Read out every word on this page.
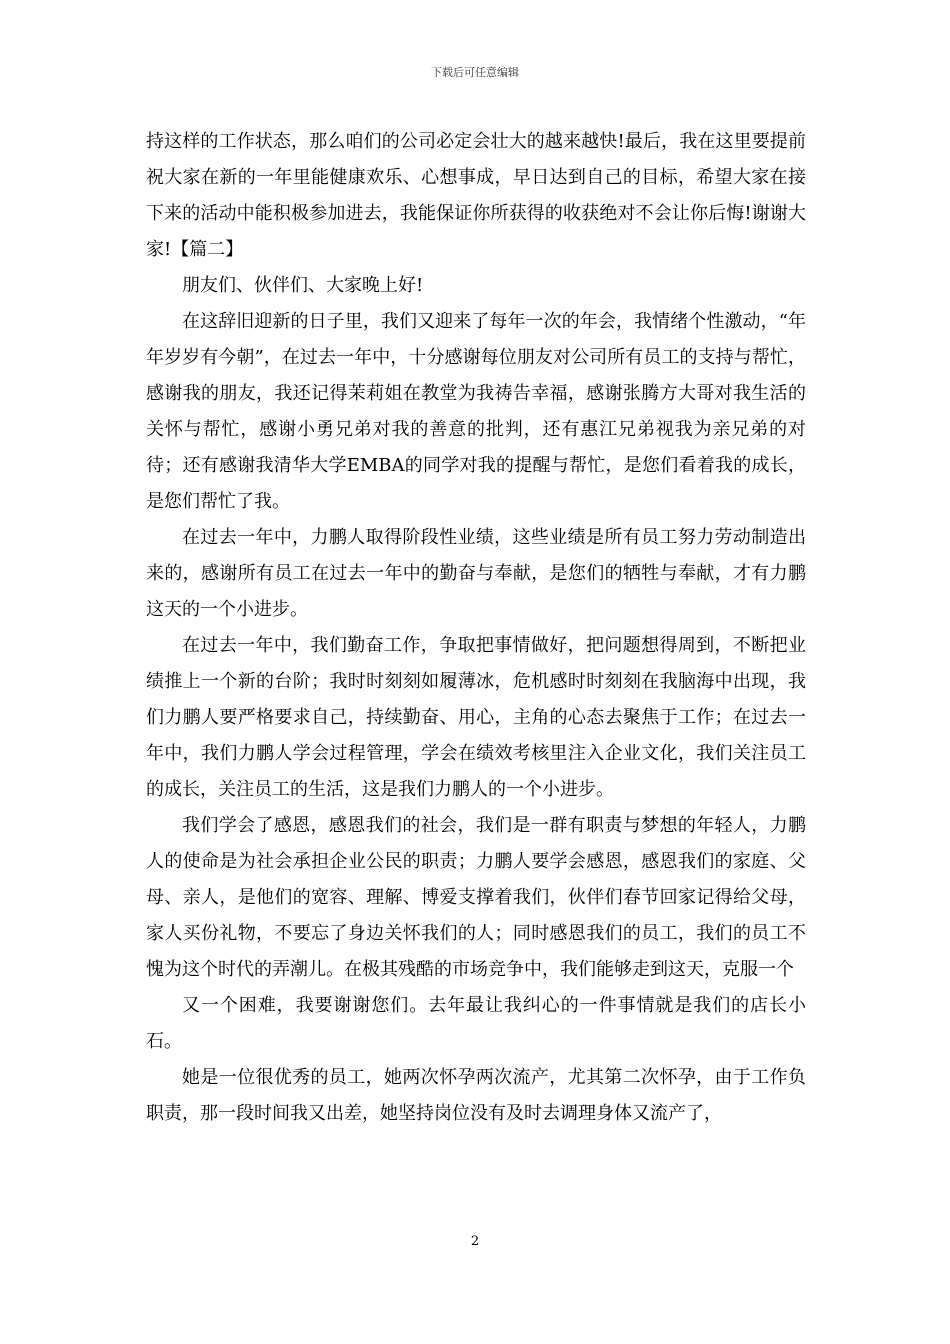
下载后可任意编辑

持这样的工作状态，那么咱们的公司必定会壮大的越来越快!最后，我在这里要提前祝大家在新的一年里能健康欢乐、心想事成，早日达到自己的目标，希望大家在接下来的活动中能积极参加进去，我能保证你所获得的收获绝对不会让你后悔!谢谢大家!【篇二】

朋友们、伙伴们、大家晚上好!

在这辞旧迎新的日子里，我们又迎来了每年一次的年会，我情绪个性激动，“年年岁岁有今朝”，在过去一年中，十分感谢每位朋友对公司所有员工的支持与帮忙，感谢我的朋友，我还记得茉莉姐在教堂为我祷告幸福，感谢张腾方大哥对我生活的关怀与帮忙，感谢小勇兄弟对我的善意的批判，还有惠江兄弟视我为亲兄弟的对待；还有感谢我清华大学EMBA的同学对我的提醒与帮忙，是您们看着我的成长，是您们帮忙了我。

在过去一年中，力鹏人取得阶段性业绩，这些业绩是所有员工努力劳动制造出来的，感谢所有员工在过去一年中的勤奋与奉献，是您们的牺牲与奉献，才有力鹏这天的一个小进步。

在过去一年中，我们勤奋工作，争取把事情做好，把问题想得周到，不断把业绩推上一个新的台阶；我时时刻刻如履薄冰，危机感时时刻刻在我脑海中出现，我们力鹏人要严格要求自己，持续勤奋、用心，主角的心态去聚焦于工作；在过去一年中，我们力鹏人学会过程管理，学会在绩效考核里注入企业文化，我们关注员工的成长，关注员工的生活，这是我们力鹏人的一个小进步。

我们学会了感恩，感恩我们的社会，我们是一群有职责与梦想的年轻人，力鹏人的使命是为社会承担企业公民的职责；力鹏人要学会感恩，感恩我们的家庭、父母、亲人，是他们的宽容、理解、博爱支撑着我们，伙伴们春节回家记得给父母，家人买份礼物，不要忘了身边关怀我们的人；同时感恩我们的员工，我们的员工不愧为这个时代的弄潮儿。在极其残酷的市场竞争中，我们能够走到这天，克服一个

又一个困难，我要谢谢您们。去年最让我纠心的一件事情就是我们的店长小石。

她是一位很优秀的员工，她两次怀孕两次流产，尤其第二次怀孕，由于工作负职责，那一段时间我又出差，她坚持岗位没有及时去调理身体又流产了，

2
